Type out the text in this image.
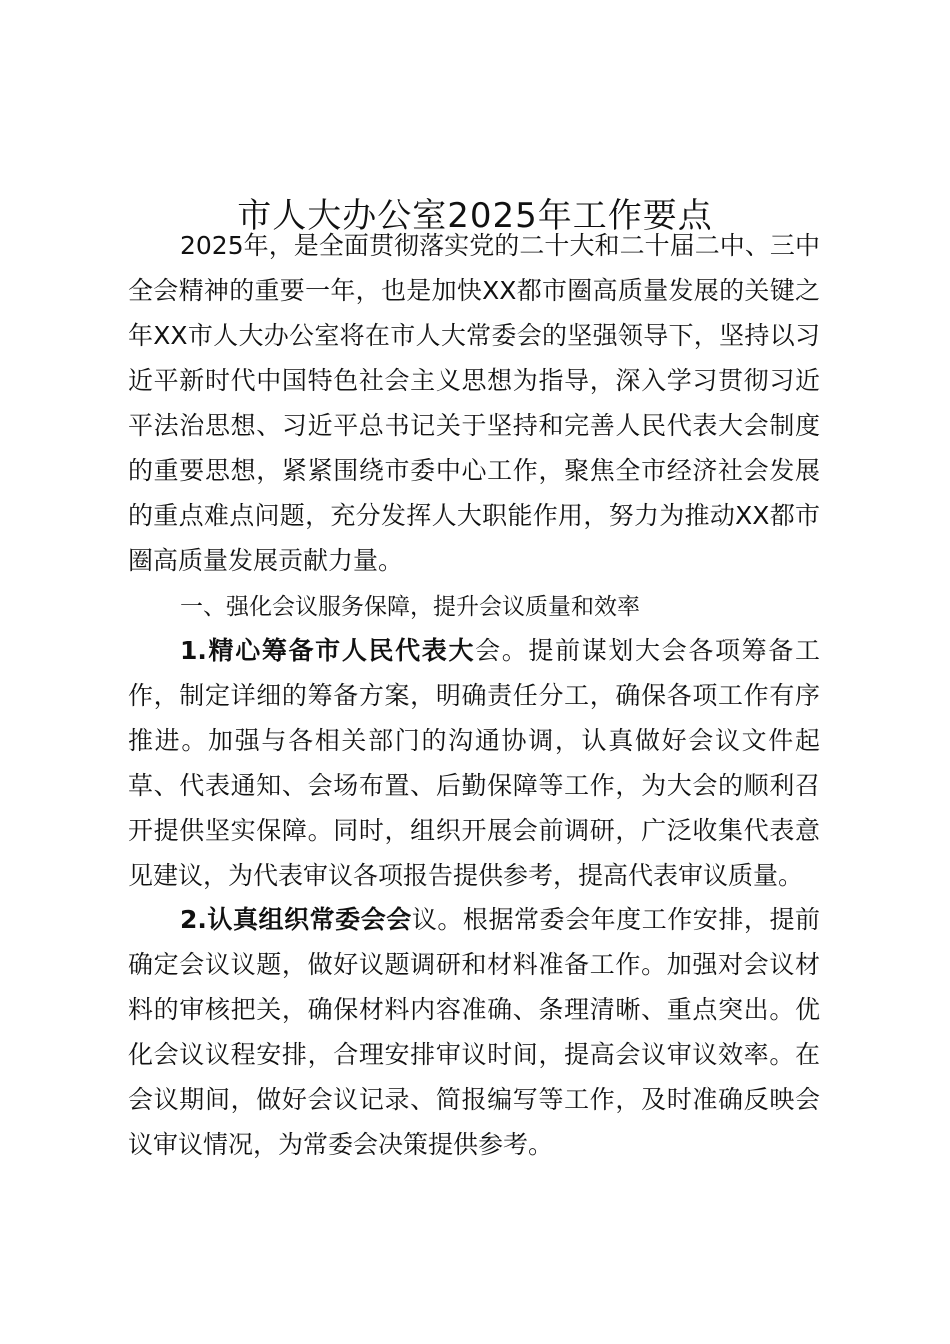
市人大办公室2025年工作要点

2025年，是全面贯彻落实党的二十大和二十届二中、三中全会精神的重要一年，也是加快XX都市圈高质量发展的关键之年XX市人大办公室将在市人大常委会的坚强领导下，坚持以习近平新时代中国特色社会主义思想为指导，深入学习贯彻习近平法治思想、习近平总书记关于坚持和完善人民代表大会制度的重要思想，紧紧围绕市委中心工作，聚焦全市经济社会发展的重点难点问题，充分发挥人大职能作用，努力为推动XX都市圈高质量发展贡献力量。

一、强化会议服务保障，提升会议质量和效率

1.精心筹备市人民代表大会。提前谋划大会各项筹备工作，制定详细的筹备方案，明确责任分工，确保各项工作有序推进。加强与各相关部门的沟通协调，认真做好会议文件起草、代表通知、会场布置、后勤保障等工作，为大会的顺利召开提供坚实保障。同时，组织开展会前调研，广泛收集代表意见建议，为代表审议各项报告提供参考，提高代表审议质量。

2.认真组织常委会会议。根据常委会年度工作安排，提前确定会议议题，做好议题调研和材料准备工作。加强对会议材料的审核把关，确保材料内容准确、条理清晰、重点突出。优化会议议程安排，合理安排审议时间，提高会议审议效率。在会议期间，做好会议记录、简报编写等工作，及时准确反映会议审议情况，为常委会决策提供参考。
